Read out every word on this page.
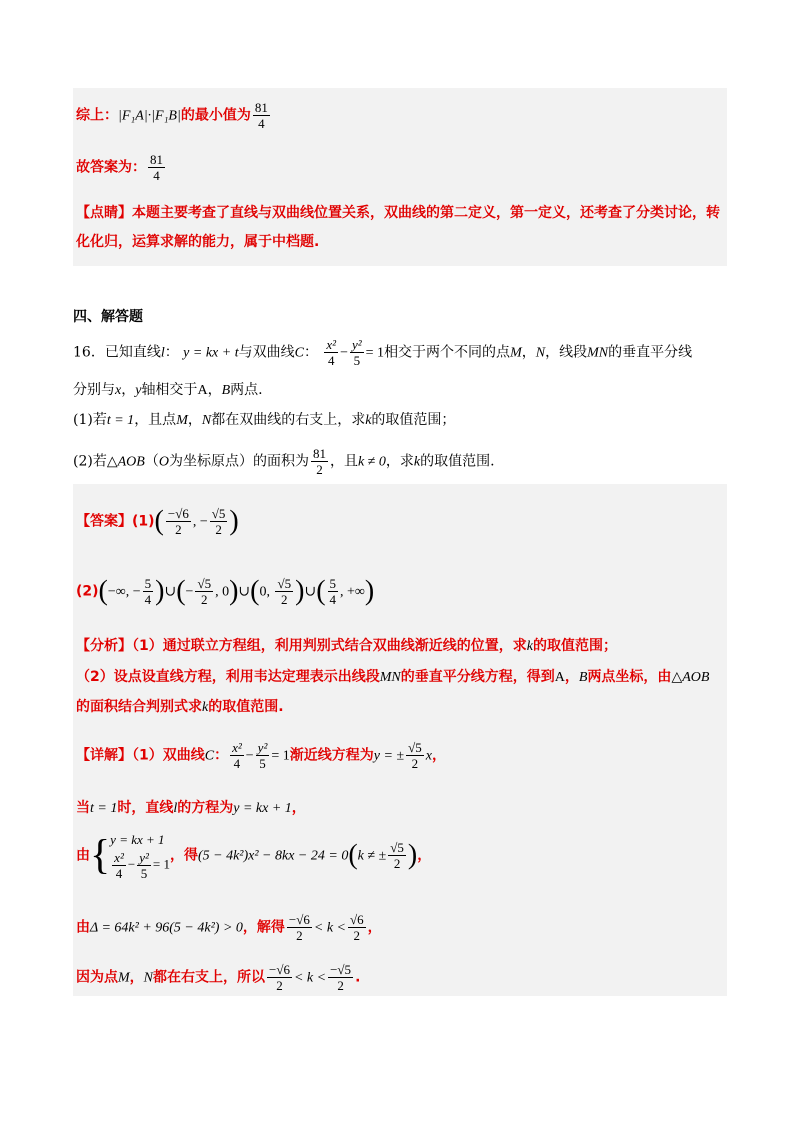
综上：|F₁A|·|F₁B|的最小值为 $\frac{81}{4}$
故答案为： $\frac{81}{4}$
【点睛】本题主要考查了直线与双曲线位置关系，双曲线的第二定义，第一定义，还考查了分类讨论，转
化化归，运算求解的能力，属于中档题.
四、解答题
16．已知直线l： y = kx + t与双曲线C： $\frac{\text{x²}}{4} - \frac{\text{y²}}{5} = 1$相交于两个不同的点M，N，线段MN的垂直平分线
分别与x，y轴相交于A，B两点.
(1)若t = 1，且点M，N都在双曲线的右支上，求k的取值范围；
(2)若△AOB（O为坐标原点）的面积为 $\frac{81}{2}$ ，且k ≠ 0，求k的取值范围.
【答案】$(1)( \frac{-√6}{2}$ , − $\frac{√5}{2}$ )
(2)(−∞, − $\frac{5}{4}$ )∪(− $\frac{√5}{2}$ , 0)∪(0, $\frac{√5}{2}$ )∪( $\frac{5}{4}$ , +∞)
【分析】（1）通过联立方程组，利用判别式结合双曲线渐近线的位置，求k的取值范围；
（2）设点设直线方程，利用韦达定理表示出线段MN的垂直平分线方程，得到A，B两点坐标，由△AOB
的面积结合判别式求k的取值范围.
【详解】（1）双曲线C： $\frac{\text{x²}}{4} - \frac{\text{y²}}{5} = 1$渐近线方程为y = ± $\frac{√5}{2}$ x，
当t = 1时，直线l的方程为y = kx + 1，
由{ y = kx + 1
$\frac{\text{x²}}{4} - \frac{\text{y²}}{5} = 1$
，得(5 − 4k²)x² − 8kx − 24 = 0(k ≠ ± $\frac{√5}{2}$ )，
由Δ = 64k² + 96(5 − 4k²) > 0，解得 $\frac{-√6}{2} < k < \frac{√6}{2}$ ，
因为点M，N都在右支上，所以 $\frac{-√6}{2} < k < \frac{-√5}{2}$ .
